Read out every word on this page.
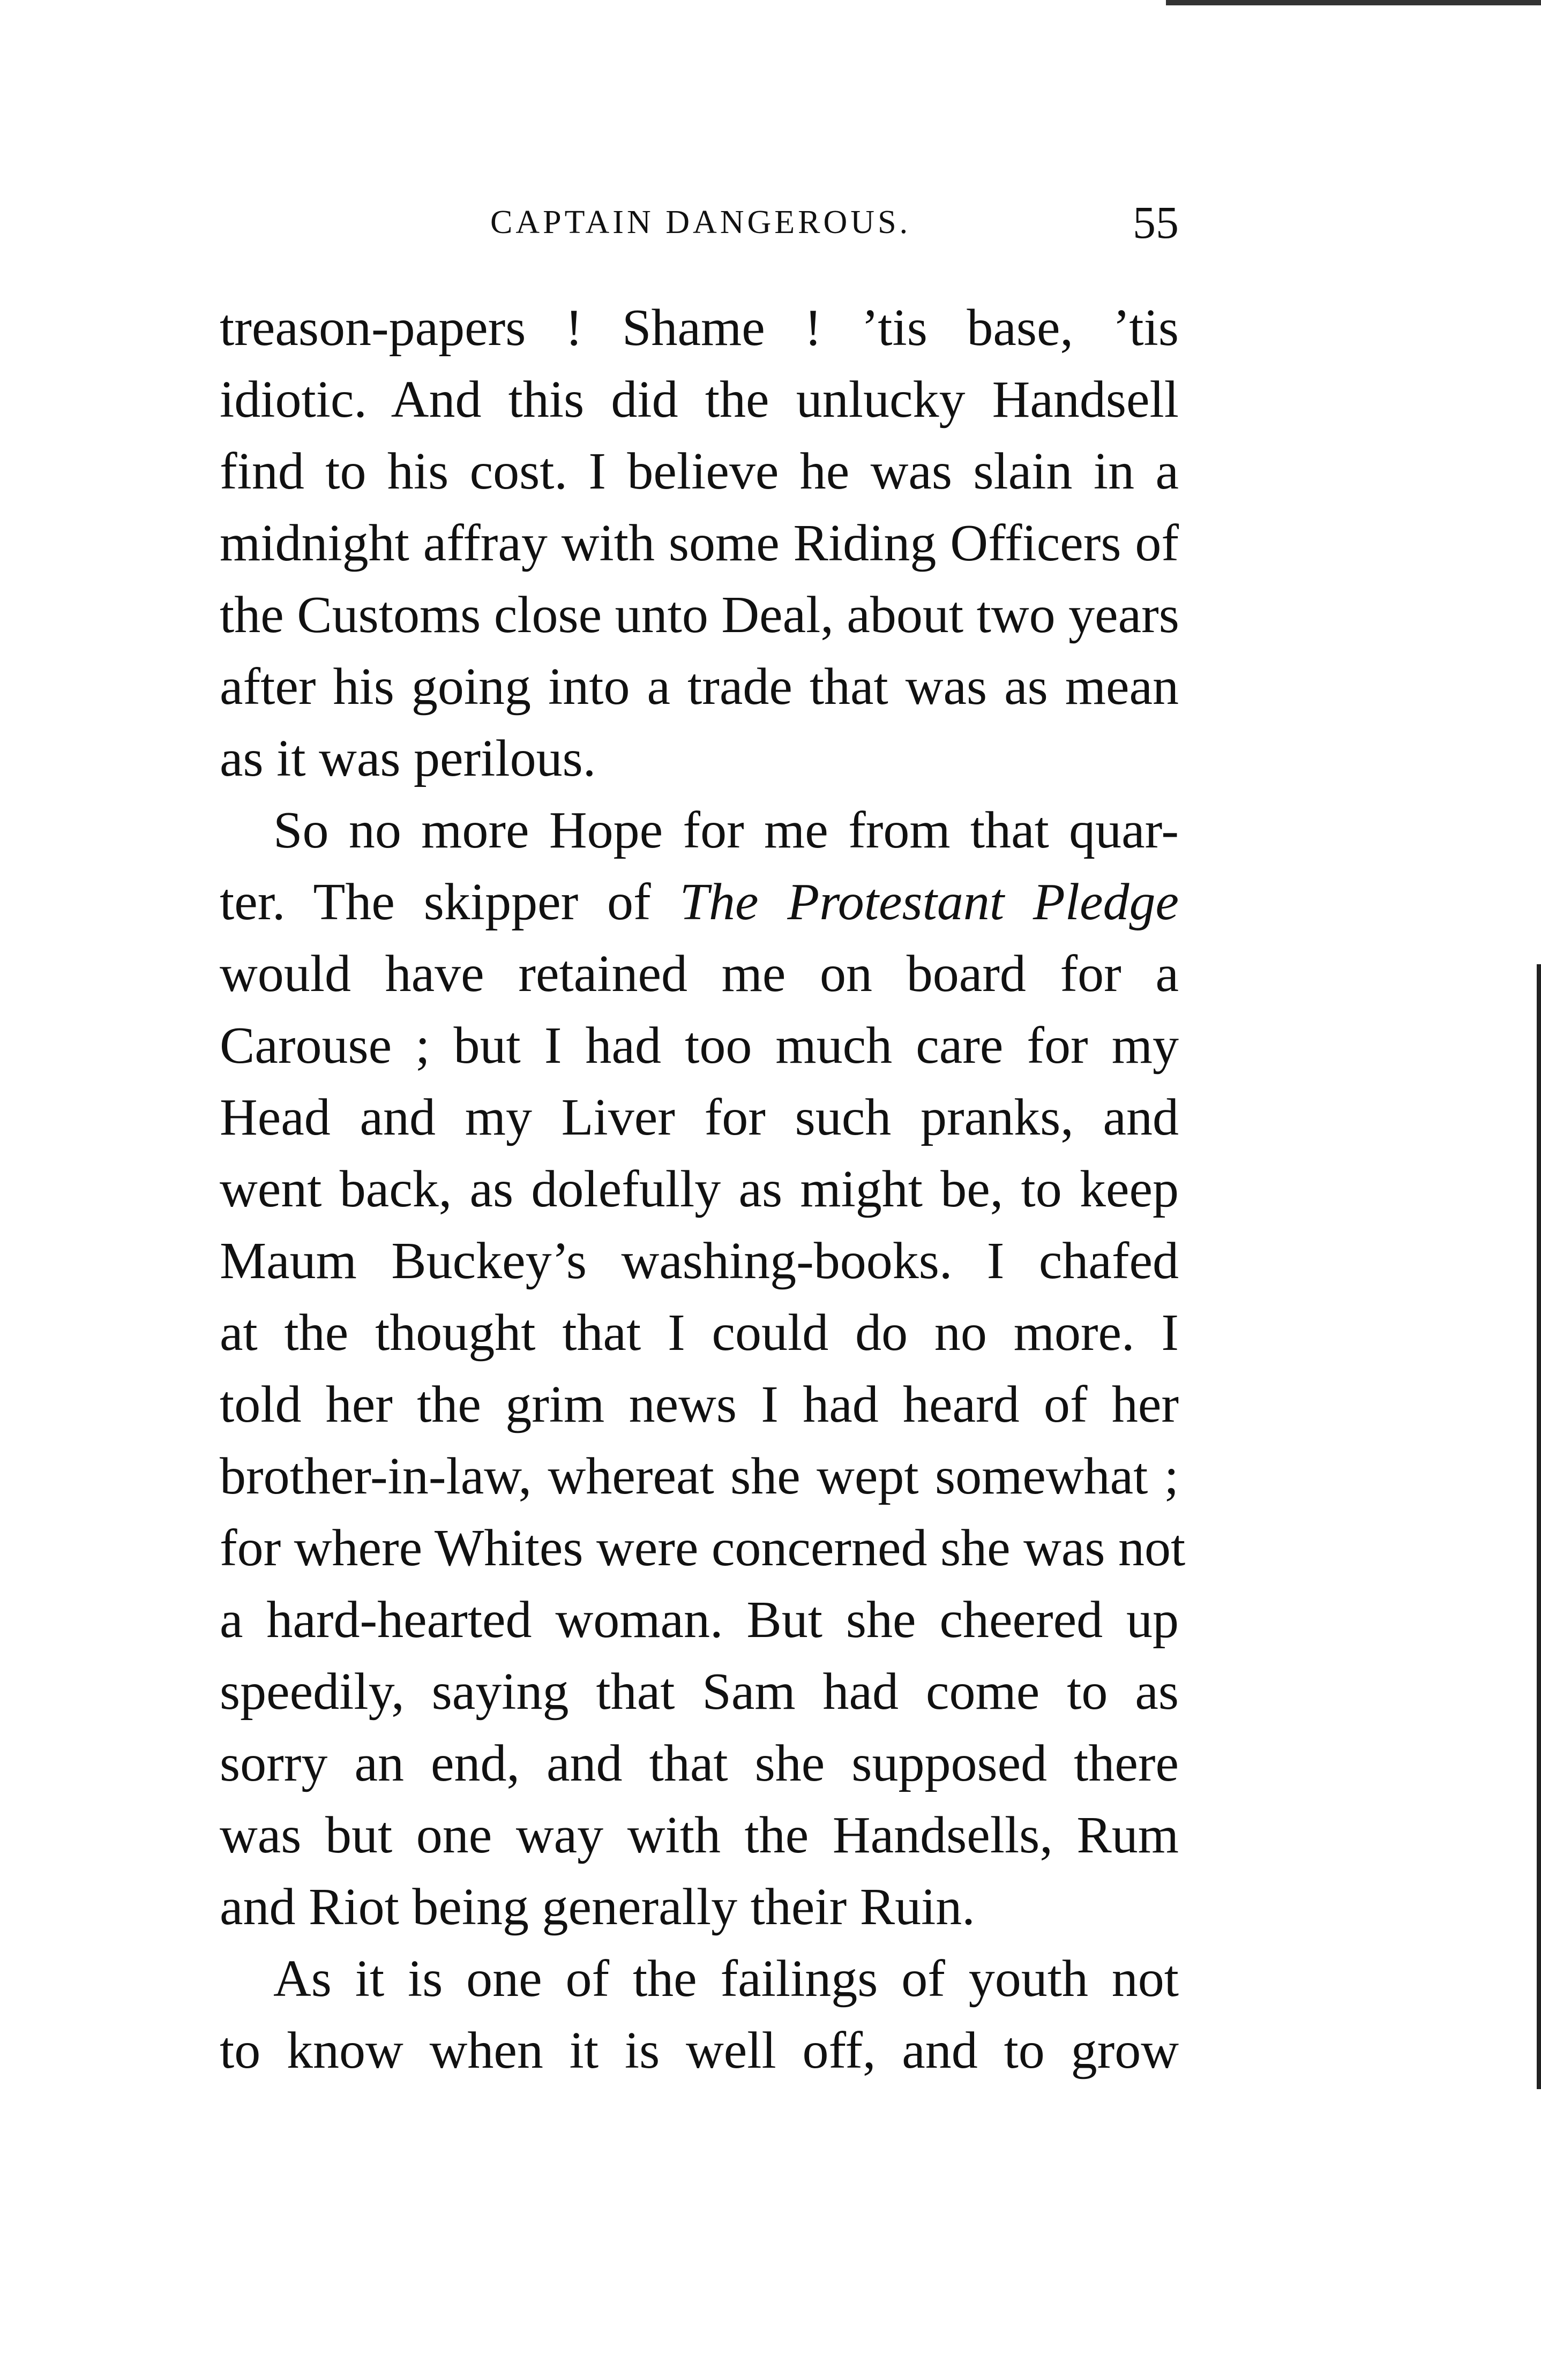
CAPTAIN DANGEROUS.	55
treason-papers ! Shame ! ’tis base, ’tis
idiotic. And this did the unlucky Handsell
find to his cost. I believe he was slain in a
midnight affray with some Riding Officers of
the Customs close unto Deal, about two years
after his going into a trade that was as mean
as it was perilous.
So no more Hope for me from that quar-
ter. The skipper of The Protestant Pledge
would have retained me on board for a
Carouse ; but I had too much care for my
Head and my Liver for such pranks, and
went back, as dolefully as might be, to keep
Maum Buckey’s washing-books. I chafed
at the thought that I could do no more. I
told her the grim news I had heard of her
brother-in-law, whereat she wept somewhat ;
for where Whites were concerned she was not
a hard-hearted woman. But she cheered up
speedily, saying that Sam had come to as
sorry an end, and that she supposed there
was but one way with the Handsells, Rum
and Riot being generally their Ruin.
As it is one of the failings of youth not
to know when it is well off, and to grow
